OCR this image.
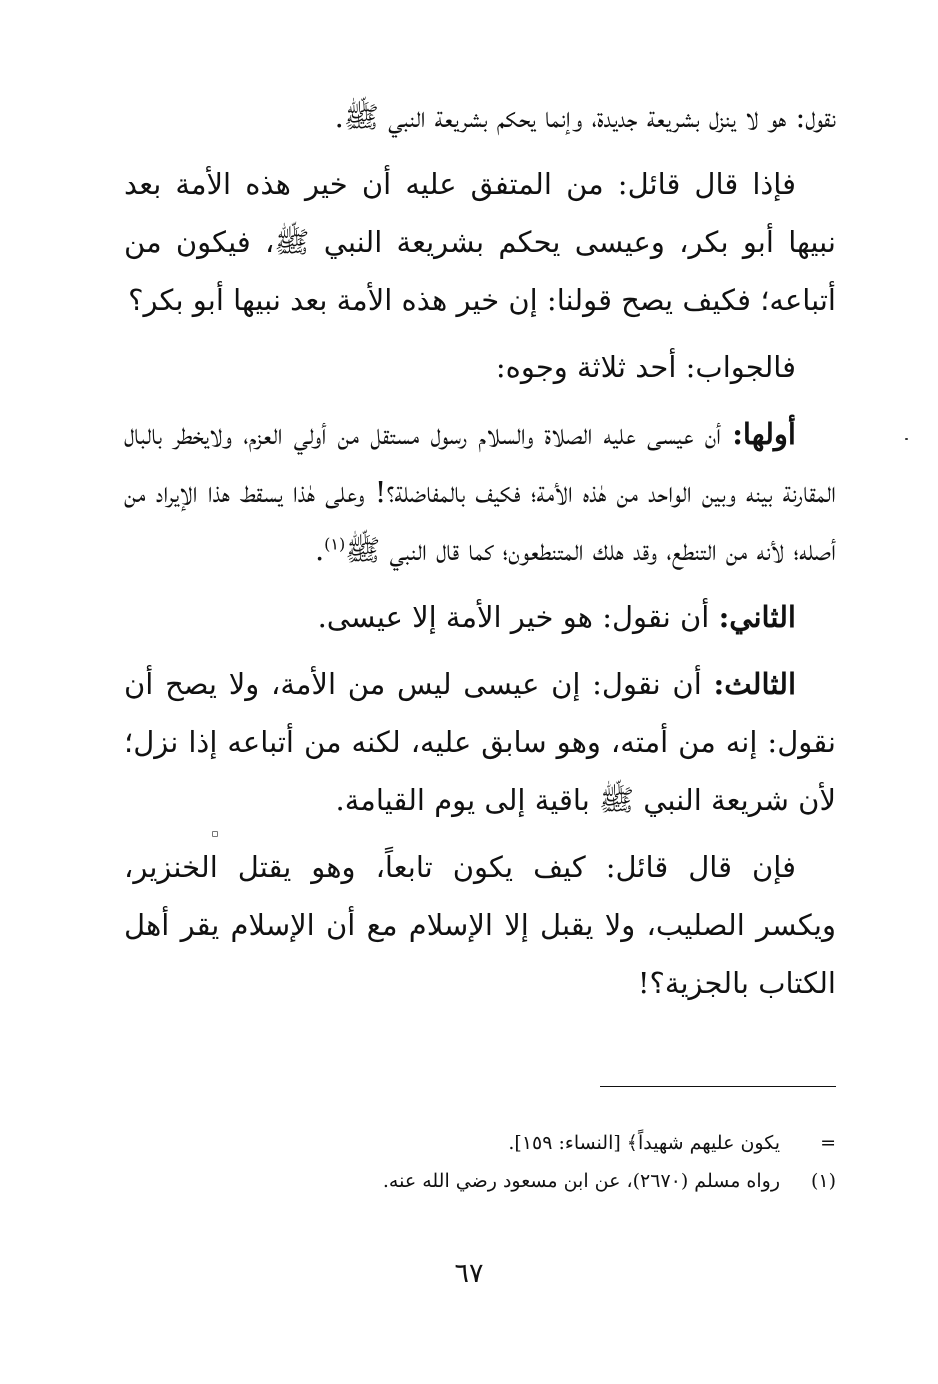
نقول: هو لا ينزل بشريعة جديدة، وإنما يحكم بشريعة النبي ﷺ.

فإذا قال قائل: من المتفق عليه أن خير هذه الأمة بعد نبيها أبو بكر، وعيسى يحكم بشريعة النبي ﷺ، فيكون من أتباعه؛ فكيف يصح قولنا: إن خير هذه الأمة بعد نبيها أبو بكر؟

فالجواب: أحد ثلاثة وجوه:

أولها: أن عيسى عليه الصلاة والسلام رسول مستقل من أولي العزم، ولايخطر بالبال المقارنة بينه وبين الواحد من هٰذه الأمة؛ فكيف بالمفاضلة؟! وعلى هٰذا يسقط هذا الإيراد من أصله؛ لأنه من التنطع، وقد هلك المتنطعون؛ كما قال النبي ﷺ$^{(١)}$.

الثاني: أن نقول: هو خير الأمة إلا عيسى.

الثالث: أن نقول: إن عيسى ليس من الأمة، ولا يصح أن نقول: إنه من أمته، وهو سابق عليه، لكنه من أتباعه إذا نزل؛ لأن شريعة النبي ﷺ باقية إلى يوم القيامة.

فإن قال قائل: كيف يكون تابعاً، وهو يقتل الخنزير، ويكسر الصليب، ولا يقبل إلا الإسلام مع أن الإسلام يقر أهل الكتاب بالجزية؟!

=
يكون عليهم شهيداً﴾ [النساء: ١٥٩].
(١)
رواه مسلم (٢٦٧٠)، عن ابن مسعود رضي الله عنه.
٦٧
